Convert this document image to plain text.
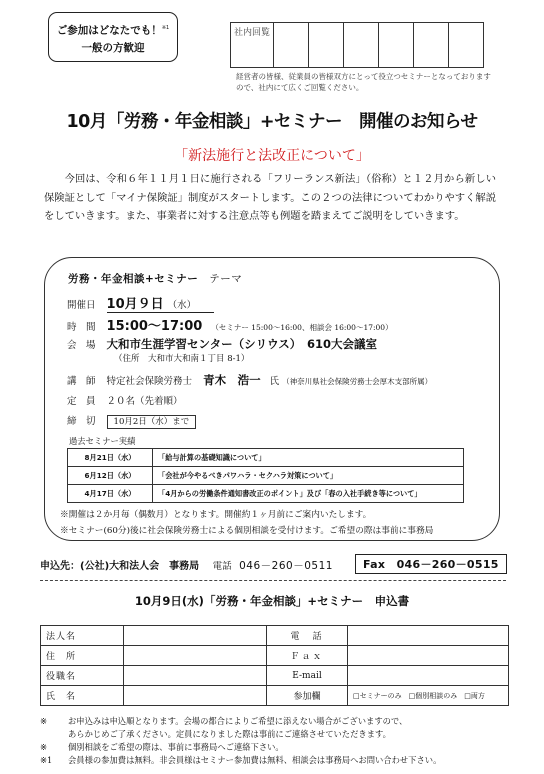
ご参加はどなたでも！$^{※1}$
一般の方歓迎
社内回覧						
経営者の皆様、従業員の皆様双方にとって役立つセミナーとなっておりますので、社内にて広くご回覧ください。
10月「労務・年金相談」+セミナー　開催のお知らせ
「新法施行と法改正について」
今回は、令和６年１１月１日に施行される「フリーランス新法」（俗称）と１２月から新しい保険証として「マイナ保険証」制度がスタートします。この２つの法律についてわかりやすく解説をしていきます。また、事業者に対する注意点等も例題を踏まえてご説明をしていきます。
労務・年金相談+セミナー　テーマ
開催日 10月９日 （水）
時　間 15:00〜17:00 （セミナー 15:00〜16:00、相談会 16:00〜17:00）
会　場 大和市生涯学習センター（シリウス）　610大会議室
（住所　大和市大和南１丁目 8-1）
講　師 特定社会保険労務士 青木　浩一 氏 （神奈川県社会保険労務士会厚木支部所属）
定　員 ２０名（先着順）
締　切 10月2日（水）まで
過去セミナー実績
8月21日（水）	「給与計算の基礎知識について」
6月12日（水）	「会社が今やるべきパワハラ・セクハラ対策について」
4月17日（水）	「4月からの労働条件通知書改正のポイント」及び「春の入社手続き等について」
※開催は２か月毎（偶数月）となります。開催約１ヶ月前にご案内いたします。
※セミナー(60分)後に社会保険労務士による個別相談を受付けます。ご希望の際は事前に事務局
申込先：(公社)大和法人会　事務局 電話 046－260－0511	Fax　046－260－0515
10月9日(水)「労務・年金相談」+セミナー　申込書
法人名		電　話	
住　所		Ｆａｘ	
役職名		E-mail	
氏　名		参加欄	□セミナーのみ　□個別相談のみ　□両方
※	お申込みは申込順となります。会場の都合によりご希望に添えない場合がございますので、
あらかじめご了承ください。定員になりました際は事前にご連絡させていただきます。
※	個別相談をご希望の際は、事前に事務局へご連絡下さい。
※1 会員様の参加費は無料。非会員様はセミナー参加費は無料、相談会は事務局へお問い合わせ下さい。
